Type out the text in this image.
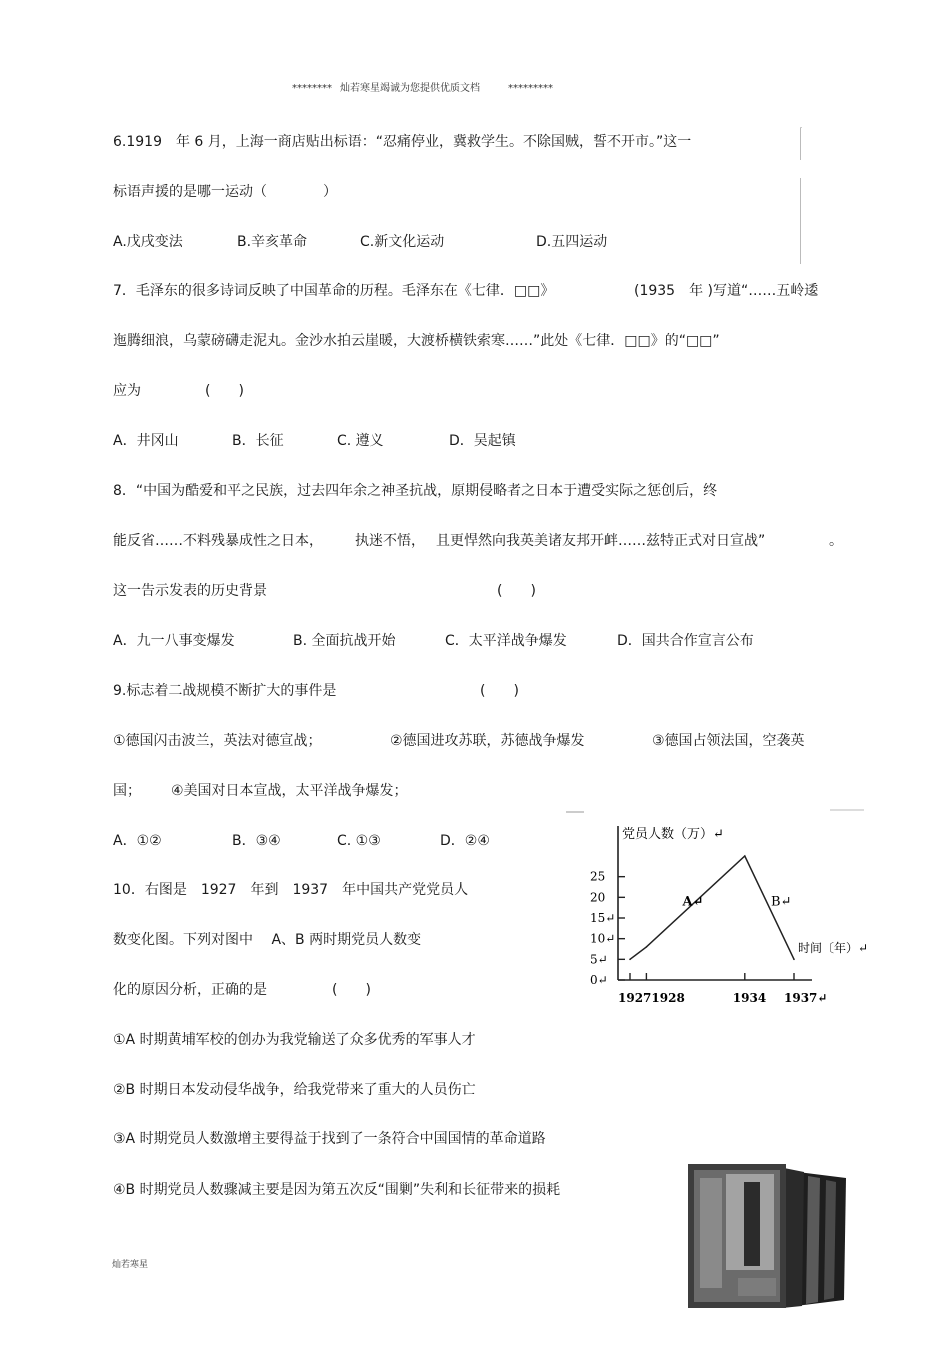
******** 灿若寒星竭诚为您提供优质文档	*********
6.1919　年 6 月，上海一商店贴出标语：“忍痛停业，冀救学生。不除国贼，誓不开市。”这一
标语声援的是哪一运动（　　　　）
A.戊戌变法	B.辛亥革命	C.新文化运动	D.五四运动
7．毛泽东的很多诗词反映了中国革命的历程。毛泽东在《七律．□□》	(1935　年 )写道“……五岭逶
迤腾细浪，乌蒙磅礴走泥丸。金沙水拍云崖暖，大渡桥横铁索寒……”此处《七律．□□》的“□□”
应为	(　　)
A．井冈山	B．长征	C. 遵义	D．吴起镇
8．“中国为酷爱和平之民族，过去四年余之神圣抗战，原期侵略者之日本于遭受实际之惩创后，终
能反省……不料残暴成性之日本， 执迷不悟， 且更悍然向我英美诸友邦开衅……兹特正式对日宣战”	。
这一告示发表的历史背景	(　　)
A．九一八事变爆发	B. 全面抗战开始	C．太平洋战争爆发	D．国共合作宣言公布
9.标志着二战规模不断扩大的事件是	(　　)
①德国闪击波兰，英法对德宣战；	②德国进攻苏联，苏德战争爆发	③德国占领法国，空袭英
国； ④美国对日本宣战，太平洋战争爆发；
A．①②	B．③④	C. ①③	D．②④
10．右图是　1927　年到　1937　年中国共产党党员人
数变化图。下列对图中　 A、B 两时期党员人数变
化的原因分析，正确的是	(　　)
①A 时期黄埔军校的创办为我党输送了众多优秀的军事人才
②B 时期日本发动侵华战争，给我党带来了重大的人员伤亡
③A 时期党员人数激增主要得益于找到了一条符合中国国情的革命道路
④B 时期党员人数骤减主要是因为第五次反“围剿”失利和长征带来的损耗
党员人数（万）↵
时间〔年）↵
0↵
5↵
10↵
15↵
20
25
19271928	1934 1937↵
A↵	B↵
灿若寒星
